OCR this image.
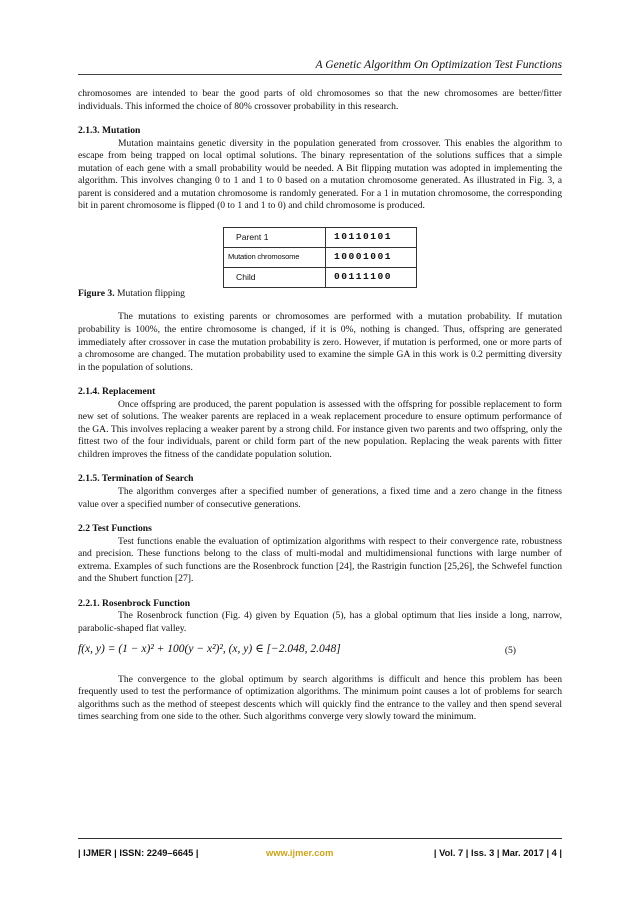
A Genetic Algorithm On Optimization Test Functions

chromosomes are intended to bear the good parts of old chromosomes so that the new chromosomes are better/fitter individuals. This informed the choice of 80% crossover probability in this research.

2.1.3. Mutation

Mutation maintains genetic diversity in the population generated from crossover. This enables the algorithm to escape from being trapped on local optimal solutions. The binary representation of the solutions suffices that a simple mutation of each gene with a small probability would be needed. A Bit flipping mutation was adopted in implementing the algorithm. This involves changing 0 to 1 and 1 to 0 based on a mutation chromosome generated. As illustrated in Fig. 3, a parent is considered and a mutation chromosome is randomly generated. For a 1 in mutation chromosome, the corresponding bit in parent chromosome is flipped (0 to 1 and 1 to 0) and child chromosome is produced.

Parent 1	10110101
Mutation chromosome	10001001
Child	00111100

Figure 3. Mutation flipping

The mutations to existing parents or chromosomes are performed with a mutation probability. If mutation probability is 100%, the entire chromosome is changed, if it is 0%, nothing is changed. Thus, offspring are generated immediately after crossover in case the mutation probability is zero. However, if mutation is performed, one or more parts of a chromosome are changed. The mutation probability used to examine the simple GA in this work is 0.2 permitting diversity in the population of solutions.

2.1.4. Replacement

Once offspring are produced, the parent population is assessed with the offspring for possible replacement to form new set of solutions. The weaker parents are replaced in a weak replacement procedure to ensure optimum performance of the GA. This involves replacing a weaker parent by a strong child. For instance given two parents and two offspring, only the fittest two of the four individuals, parent or child form part of the new population. Replacing the weak parents with fitter children improves the fitness of the candidate population solution.

2.1.5. Termination of Search

The algorithm converges after a specified number of generations, a fixed time and a zero change in the fitness value over a specified number of consecutive generations.

2.2 Test Functions

Test functions enable the evaluation of optimization algorithms with respect to their convergence rate, robustness and precision. These functions belong to the class of multi-modal and multidimensional functions with large number of extrema. Examples of such functions are the Rosenbrock function [24], the Rastrigin function [25,26], the Schwefel function and the Shubert function [27].

2.2.1. Rosenbrock Function

The Rosenbrock function (Fig. 4) given by Equation (5), has a global optimum that lies inside a long, narrow, parabolic-shaped flat valley.

f(x, y) = (1 − x)² + 100(y − x²)², (x, y) ∈ [−2.048, 2.048]	(5)

The convergence to the global optimum by search algorithms is difficult and hence this problem has been frequently used to test the performance of optimization algorithms. The minimum point causes a lot of problems for search algorithms such as the method of steepest descents which will quickly find the entrance to the valley and then spend several times searching from one side to the other. Such algorithms converge very slowly toward the minimum.

| IJMER | ISSN: 2249–6645 |	www.ijmer.com	| Vol. 7 | Iss. 3 | Mar. 2017 | 4 |
